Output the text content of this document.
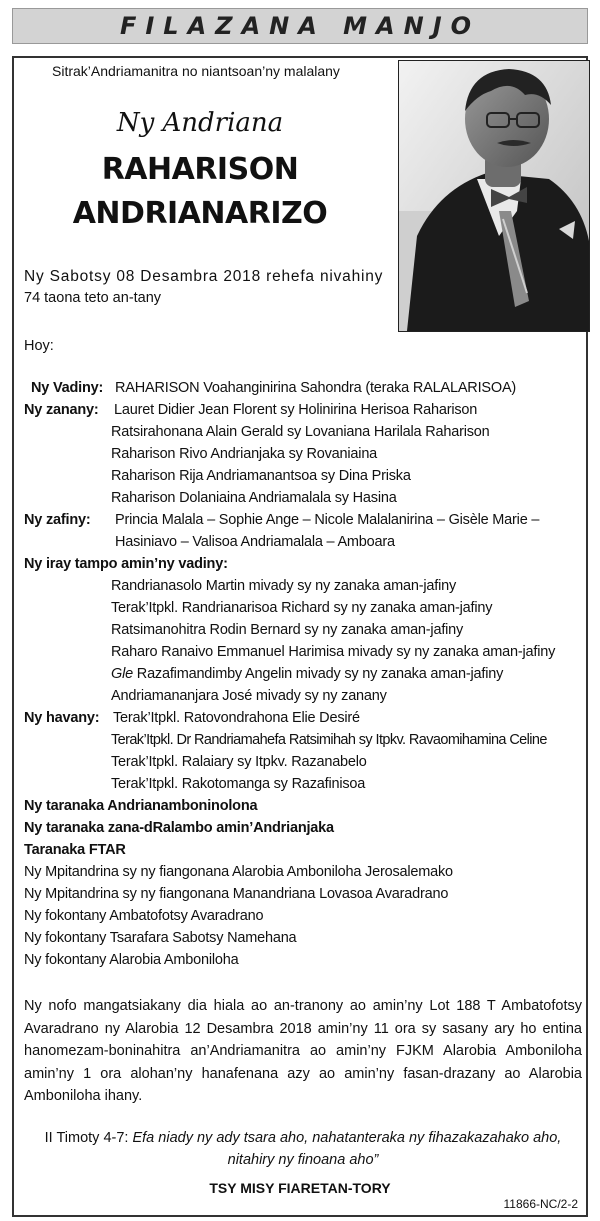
FILAZANA MANJO
Sitrak’Andriamanitra no niantsoan’ny malalany
Ny Andriana
RAHARISON
ANDRIANARIZO
Ny Sabotsy 08 Desambra 2018 rehefa nivahiny
74 taona teto an-tany
Hoy:
Ny Vadiny: RAHARISON Voahanginirina Sahondra (teraka RALALARISOA)
Ny zanany: Lauret Didier Jean Florent sy Holinirina Herisoa Raharison
Ratsirahonana Alain Gerald sy Lovaniana Harilala Raharison
Raharison Rivo Andrianjaka sy Rovaniaina
Raharison Rija Andriamanantsoa sy Dina Priska
Raharison Dolaniaina Andriamalala sy Hasina
Ny zafiny: Princia Malala – Sophie Ange – Nicole Malalanirina – Gisèle Marie –
Hasiniavo – Valisoa Andriamalala – Amboara
Ny iray tampo amin’ny vadiny:
Randrianasolo Martin mivady sy ny zanaka aman-jafiny
Terak’Itpkl. Randrianarisoa Richard sy ny zanaka aman-jafiny
Ratsimanohitra Rodin Bernard sy ny zanaka aman-jafiny
Raharo Ranaivo Emmanuel Harimisa mivady sy ny zanaka aman-jafiny
Gle Razafimandimby Angelin mivady sy ny zanaka aman-jafiny
Andriamananjara José mivady sy ny zanany
Ny havany: Terak’Itpkl. Ratovondrahona Elie Desiré
Terak’Itpkl. Dr Randriamahefa Ratsimihah sy Itpkv. Ravaomihamina Celine
Terak’Itpkl. Ralaiary sy Itpkv. Razanabelo
Terak’Itpkl. Rakotomanga sy Razafinisoa
Ny taranaka Andrianamboninolona
Ny taranaka zana-dRalambo amin’Andrianjaka
Taranaka FTAR
Ny Mpitandrina sy ny fiangonana Alarobia Amboniloha Jerosalemako
Ny Mpitandrina sy ny fiangonana Manandriana Lovasoa Avaradrano
Ny fokontany Ambatofotsy Avaradrano
Ny fokontany Tsarafara Sabotsy Namehana
Ny fokontany Alarobia Amboniloha
Ny nofo mangatsiakany dia hiala ao an-tranony ao amin’ny Lot 188 T Ambatofotsy
Avaradrano ny Alarobia 12 Desambra 2018 amin’ny 11 ora sy sasany ary ho entina
hanomezam-boninahitra an’Andriamanitra ao amin’ny FJKM Alarobia Amboniloha
amin’ny 1 ora alohan’ny hanafenana azy ao amin’ny fasan-drazany ao Alarobia
Amboniloha ihany.
II Timoty 4-7: Efa niady ny ady tsara aho, nahatanteraka ny fihazakazahako aho,
nitahiry ny finoana aho”
TSY MISY FIARETAN-TORY
11866-NC/2-2
